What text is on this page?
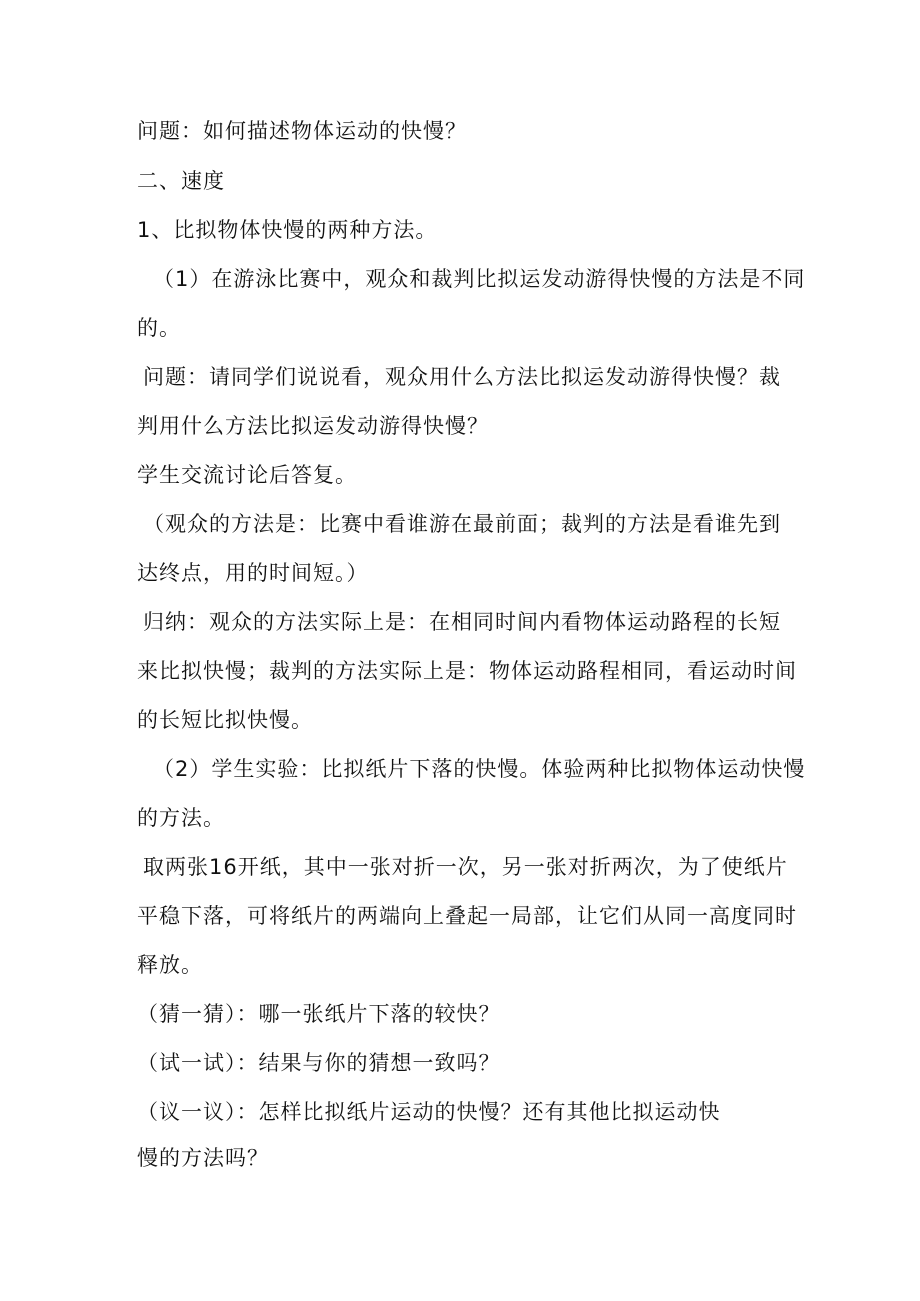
问题：如何描述物体运动的快慢？
二、速度
1、比拟物体快慢的两种方法。
（1）在游泳比赛中，观众和裁判比拟运发动游得快慢的方法是不同
的。
问题：请同学们说说看，观众用什么方法比拟运发动游得快慢？裁
判用什么方法比拟运发动游得快慢？
学生交流讨论后答复。
（观众的方法是：比赛中看谁游在最前面；裁判的方法是看谁先到
达终点，用的时间短。）
归纳：观众的方法实际上是：在相同时间内看物体运动路程的长短
来比拟快慢；裁判的方法实际上是：物体运动路程相同，看运动时间
的长短比拟快慢。
（2）学生实验：比拟纸片下落的快慢。体验两种比拟物体运动快慢
的方法。
取两张16开纸，其中一张对折一次，另一张对折两次，为了使纸片
平稳下落，可将纸片的两端向上叠起一局部，让它们从同一高度同时
释放。
（猜一猜）：哪一张纸片下落的较快？
（试一试）：结果与你的猜想一致吗？
（议一议）：怎样比拟纸片运动的快慢？还有其他比拟运动快
慢的方法吗？
